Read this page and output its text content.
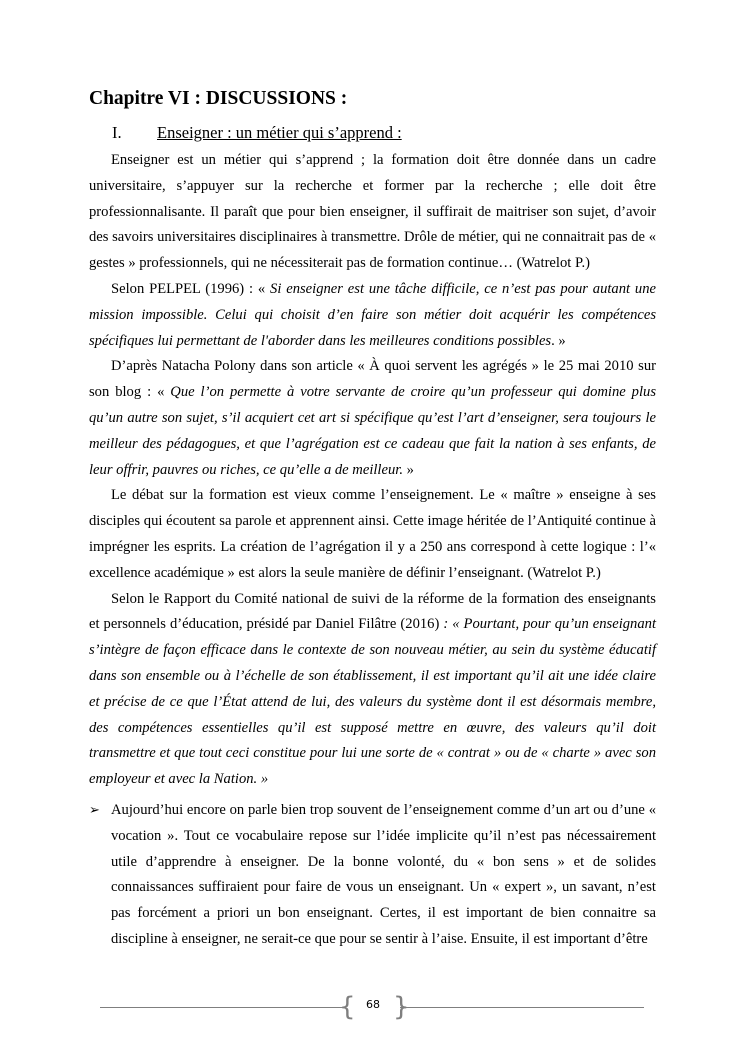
Chapitre VI : DISCUSSIONS :
I. Enseigner : un métier qui s’apprend :

Enseigner est un métier qui s’apprend ; la formation doit être donnée dans un cadre universitaire, s’appuyer sur la recherche et former par la recherche ; elle doit être professionnalisante. Il paraît que pour bien enseigner, il suffirait de maitriser son sujet, d’avoir des savoirs universitaires disciplinaires à transmettre. Drôle de métier, qui ne connaitrait pas de « gestes » professionnels, qui ne nécessiterait pas de formation continue… (Watrelot P.)

Selon PELPEL (1996) : « Si enseigner est une tâche difficile, ce n’est pas pour autant une mission impossible. Celui qui choisit d’en faire son métier doit acquérir les compétences spécifiques lui permettant de l'aborder dans les meilleures conditions possibles. »

D’après Natacha Polony dans son article « À quoi servent les agrégés » le 25 mai 2010 sur son blog : « Que l’on permette à votre servante de croire qu’un professeur qui domine plus qu’un autre son sujet, s’il acquiert cet art si spécifique qu’est l’art d’enseigner, sera toujours le meilleur des pédagogues, et que l’agrégation est ce cadeau que fait la nation à ses enfants, de leur offrir, pauvres ou riches, ce qu’elle a de meilleur. »

Le débat sur la formation est vieux comme l’enseignement. Le « maître » enseigne à ses disciples qui écoutent sa parole et apprennent ainsi. Cette image héritée de l’Antiquité continue à imprégner les esprits. La création de l’agrégation il y a 250 ans correspond à cette logique : l’« excellence académique » est alors la seule manière de définir l’enseignant. (Watrelot P.)

Selon le Rapport du Comité national de suivi de la réforme de la formation des enseignants et personnels d’éducation, présidé par Daniel Filâtre (2016) : « Pourtant, pour qu’un enseignant s’intègre de façon efficace dans le contexte de son nouveau métier, au sein du système éducatif dans son ensemble ou à l’échelle de son établissement, il est important qu’il ait une idée claire et précise de ce que l’État attend de lui, des valeurs du système dont il est désormais membre, des compétences essentielles qu’il est supposé mettre en œuvre, des valeurs qu’il doit transmettre et que tout ceci constitue pour lui une sorte de « contrat » ou de « charte » avec son employeur et avec la Nation. »

➢ Aujourd’hui encore on parle bien trop souvent de l’enseignement comme d’un art ou d’une « vocation ». Tout ce vocabulaire repose sur l’idée implicite qu’il n’est pas nécessairement utile d’apprendre à enseigner. De la bonne volonté, du « bon sens » et de solides connaissances suffiraient pour faire de vous un enseignant. Un « expert », un savant, n’est pas forcément a priori un bon enseignant. Certes, il est important de bien connaitre sa discipline à enseigner, ne serait-ce que pour se sentir à l’aise. Ensuite, il est important d’être
{ 68 }
